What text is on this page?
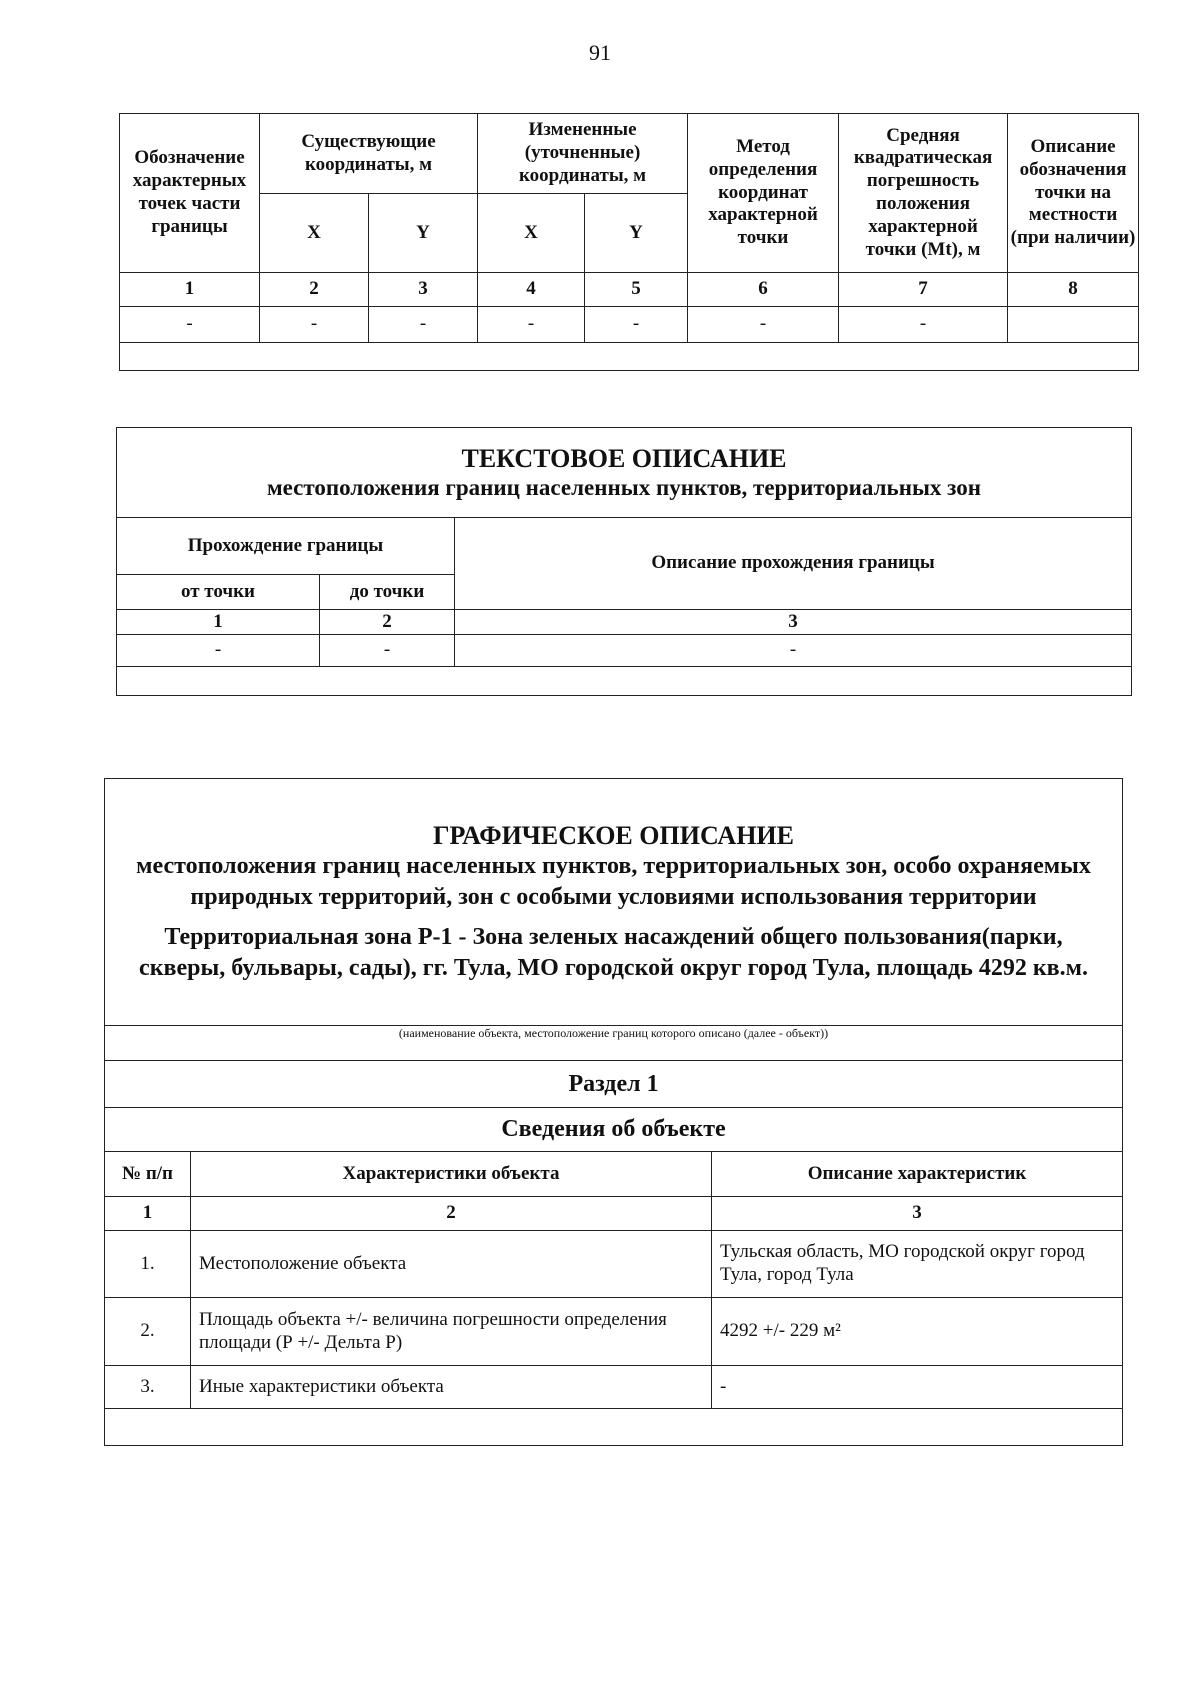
91
Обозначение характерных точек части границы	Существующие координаты, м		Измененные (уточненные) координаты, м		Метод определения координат характерной точки	Средняя квадратическая погрешность положения характерной точки (Mt), м	Описание обозначения точки на местности (при наличии)
	X	Y	X	Y			
1	2	3	4	5	6	7	8
-	-	-	-	-	-	-	

ТЕКСТОВОЕ ОПИСАНИЕ
местоположения границ населенных пунктов, территориальных зон		

Прохождение границы		Описание прохождения границы
от точки	до точки	
1	2	3
-	-	-

ГРАФИЧЕСКОЕ ОПИСАНИЕ
местоположения границ населенных пунктов, территориальных зон, особо охраняемых природных территорий, зон с особыми условиями использования территории
Территориальная зона Р-1 - Зона зеленых насаждений общего пользования(парки, скверы, бульвары, сады), гг. Тула, МО городской округ город Тула, площадь 4292 кв.м.		

(наименование объекта, местоположение границ которого описано (далее - объект))		
Раздел 1		
Сведения об объекте		
№ п/п	Характеристики объекта	Описание характеристик
1	2	3
1.	Местоположение объекта	Тульская область, МО городской округ город Тула, город Тула
2.	Площадь объекта +/- величина погрешности определения площади (Р +/- Дельта Р)	4292 +/- 229 м²
3.	Иные характеристики объекта	-
